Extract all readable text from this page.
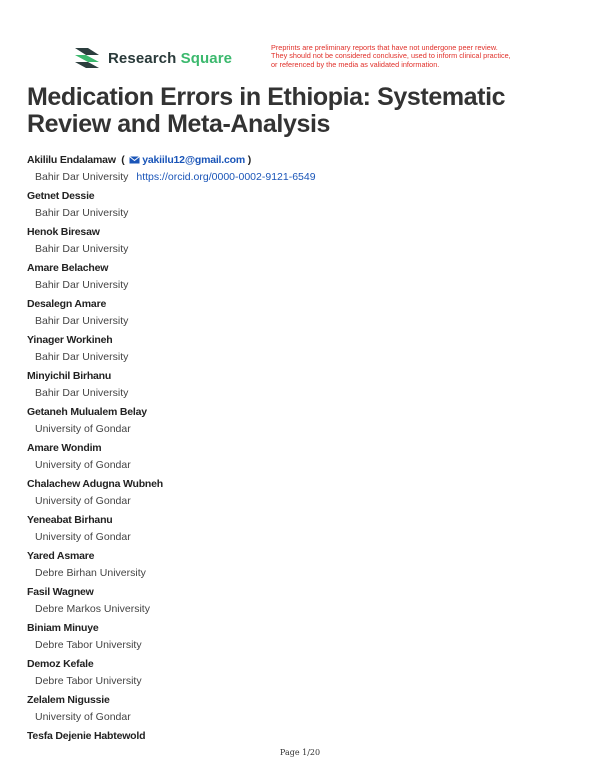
Research Square
Preprints are preliminary reports that have not undergone peer review.
They should not be considered conclusive, used to inform clinical practice,
or referenced by the media as validated information.
Medication Errors in Ethiopia: Systematic Review and Meta-Analysis
Akililu Endalamaw ( yakiilu12@gmail.com )
Bahir Dar University https://orcid.org/0000-0002-9121-6549
Getnet Dessie
Bahir Dar University
Henok Biresaw
Bahir Dar University
Amare Belachew
Bahir Dar University
Desalegn Amare
Bahir Dar University
Yinager Workineh
Bahir Dar University
Minyichil Birhanu
Bahir Dar University
Getaneh Mulualem Belay
University of Gondar
Amare Wondim
University of Gondar
Chalachew Adugna Wubneh
University of Gondar
Yeneabat Birhanu
University of Gondar
Yared Asmare
Debre Birhan University
Fasil Wagnew
Debre Markos University
Biniam Minuye
Debre Tabor University
Demoz Kefale
Debre Tabor University
Zelalem Nigussie
University of Gondar
Tesfa Dejenie Habtewold
Page 1/20
